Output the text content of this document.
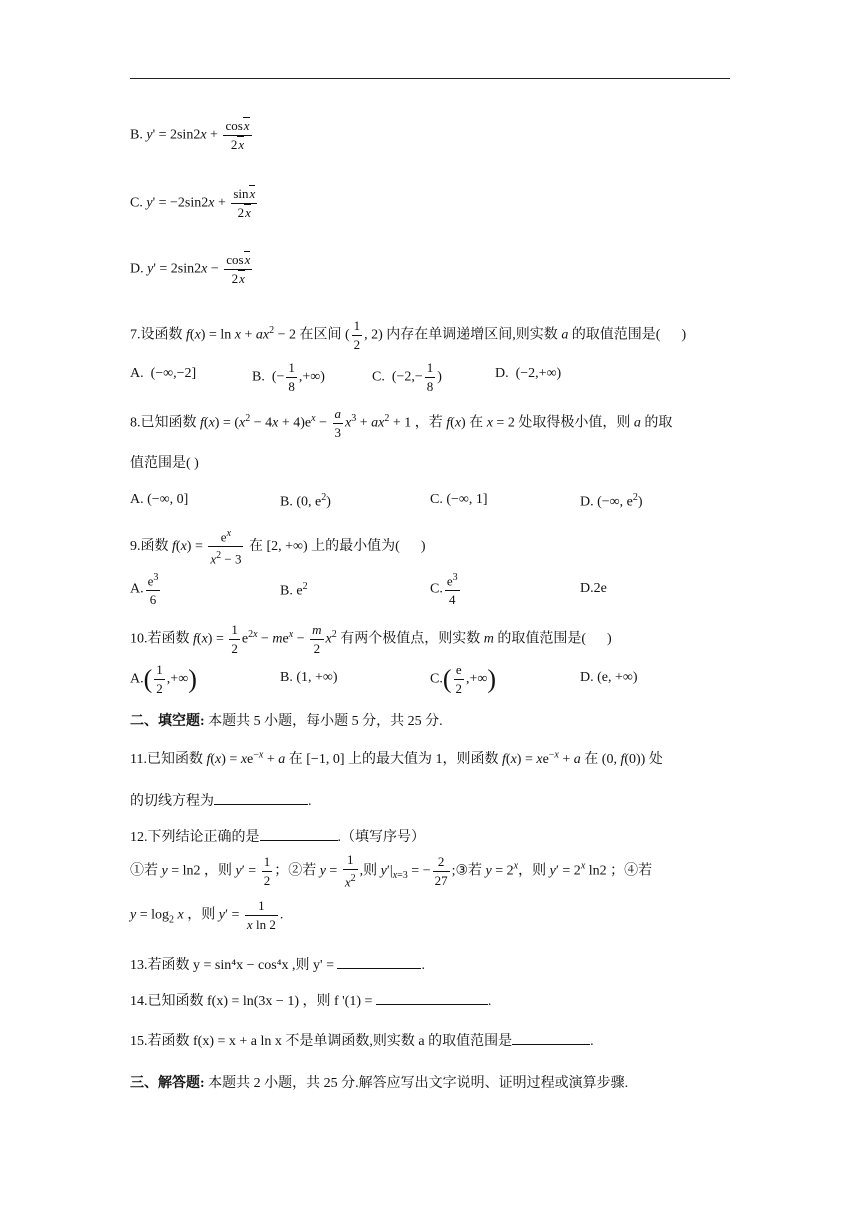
B. $y' = 2\sin 2x + \frac{\cos x}{2x}$
C. $y' = -2\sin 2x + \frac{\sin x}{2x}$
D. $y' = 2\sin 2x - \frac{\cos x}{2x}$
7.设函数 $f(x) = \ln x + ax^2 - 2$ 在区间 ( $\frac{1}{2}$ , 2) 内存在单调递增区间,则实数 a 的取值范围是(      )
A.  (−∞,−2]	B.  (− $\frac{1}{8}$ ,+∞)	C.  ($-2,- \frac{1}{8}$ )	D.  (−2,+∞)
8.已知函数 $f(x) = (x^2 - 4x + 4)e^x - \frac{a}{3} x^3 + ax^2 + 1$ ，若 f(x) 在 x = 2 处取得极小值，则 a 的取
值范围是( )
A. (−∞, 0]	B. (0, $e^2$)	C. (−∞, 1]	D. (−∞, $e^2$)
9.函数 $f(x) = \frac{e^x}{x^2 - 3}$ 在 [2, +∞) 上的最小值为(      )
A. $\frac{e^3}{6}$	B. $e^2$	C. $\frac{e^3}{4}$	D.2e
10.若函数 $f(x) = \frac{1}{2} e^{2x} - me^x - \frac{m}{2} x^2$ 有两个极值点，则实数 m 的取值范围是(      )
$A.( \frac{1}{2}$ ,+∞)	B. (1, +∞)	$C.( \frac{e}{2}$ ,+∞)	D. (e, +∞)
二、填空题: 本题共 5 小题，每小题 5 分，共 25 分.
11.已知函数 $f(x) = xe^{-x} + a$ 在 [−1, 0] 上的最大值为 1，则函数 $f(x) = xe^{-x} + a$ 在 (0, f(0)) 处
的切线方程为	.
12.下列结论正确的是	.（填写序号）
①若 y = ln2 ，则 $y' = \frac{1}{2}$ ；②若 $y = \frac{1}{x^2}$ ,则 $y'|_{x=3}$ = − $\frac{2}{27}$ ;③若 $y = 2^x$，则 $y' = 2^x$ ln2 ；④若
$y = \log_2 x$ ，则 $y' = \frac{1}{\text{x ln 2}}$ .
13.若函数 y = sin⁴x − cos⁴x ,则 y' =	.
14.已知函数 f(x) = ln(3x − 1) ，则 f '(1) =	.
15.若函数 f(x) = x + a ln x 不是单调函数,则实数 a 的取值范围是	.
三、解答题: 本题共 2 小题，共 25 分.解答应写出文字说明、证明过程或演算步骤.
